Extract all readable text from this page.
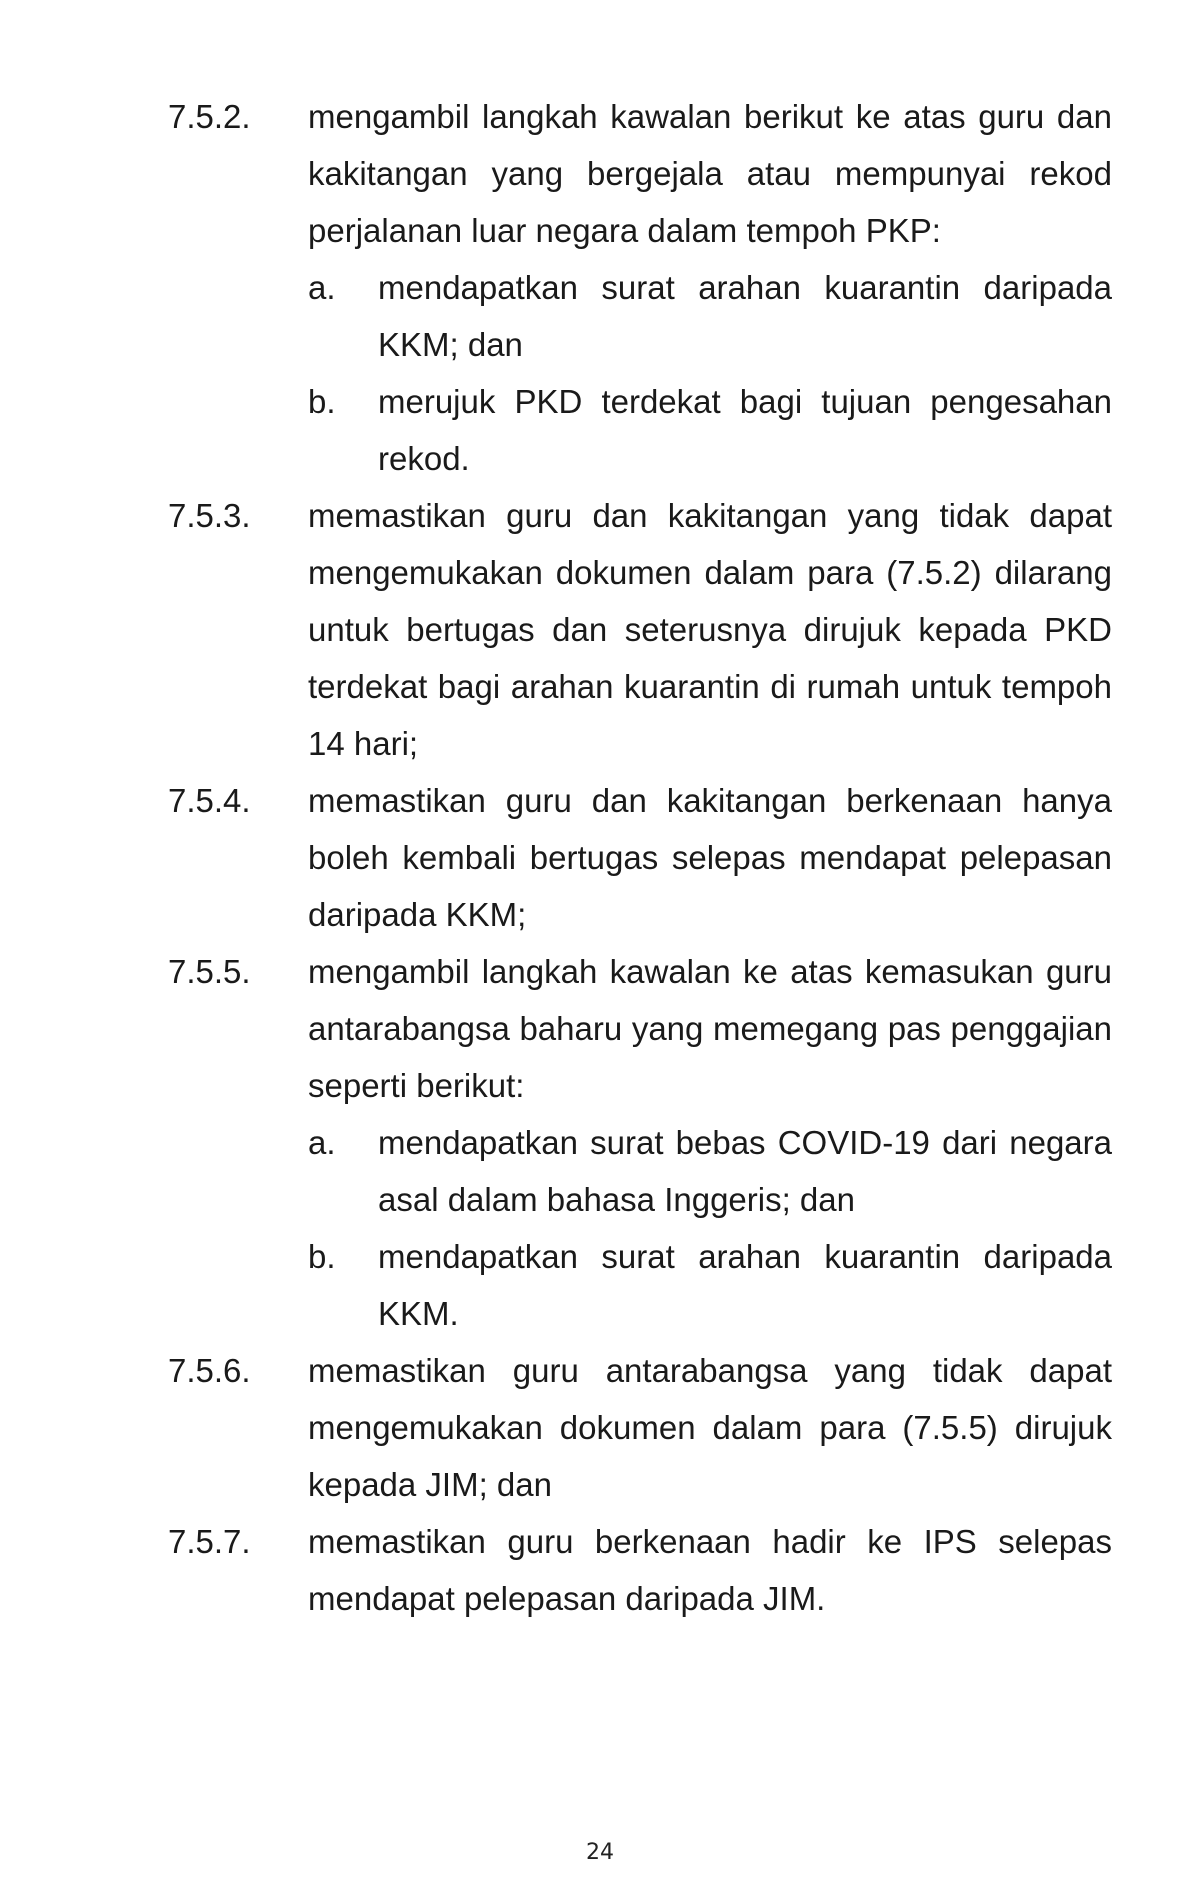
7.5.2.	mengambil langkah kawalan berikut ke atas guru dan kakitangan yang bergejala atau mempunyai rekod perjalanan luar negara dalam tempoh PKP:

a.	mendapatkan surat arahan kuarantin daripada KKM; dan
b.	merujuk PKD terdekat bagi tujuan pengesahan rekod.
7.5.3.	memastikan guru dan kakitangan yang tidak dapat mengemukakan dokumen dalam para (7.5.2) dilarang untuk bertugas dan seterusnya dirujuk kepada PKD terdekat bagi arahan kuarantin di rumah untuk tempoh 14 hari;

7.5.4.	memastikan guru dan kakitangan berkenaan hanya boleh kembali bertugas selepas mendapat pelepasan daripada KKM;

7.5.5.	mengambil langkah kawalan ke atas kemasukan guru antarabangsa baharu yang memegang pas penggajian seperti berikut:

a.	mendapatkan surat bebas COVID-19 dari negara asal dalam bahasa Inggeris; dan
b.	mendapatkan surat arahan kuarantin daripada KKM.
7.5.6.	memastikan guru antarabangsa yang tidak dapat mengemukakan dokumen dalam para (7.5.5) dirujuk kepada JIM; dan

7.5.7.	memastikan guru berkenaan hadir ke IPS selepas mendapat pelepasan daripada JIM.

24
